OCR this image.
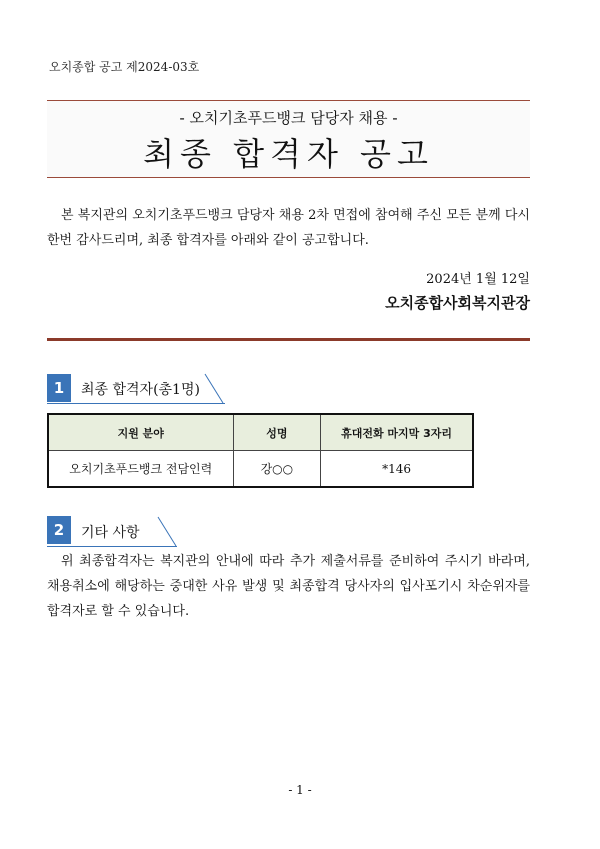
오치종합 공고 제2024-03호
- 오치기초푸드뱅크 담당자 채용 -
최종 합격자 공고
본 복지관의 오치기초푸드뱅크 담당자 채용 2차 면접에 참여해 주신 모든 분께 다시 한번 감사드리며, 최종 합격자를 아래와 같이 공고합니다.
2024년 1월 12일
오치종합사회복지관장
1	최종 합격자(총1명)
지원 분야	성명	휴대전화 마지막 3자리
오치기초푸드뱅크 전담인력	강○○	*146
2	기타 사항
위 최종합격자는 복지관의 안내에 따라 추가 제출서류를 준비하여 주시기 바라며, 채용취소에 해당하는 중대한 사유 발생 및 최종합격 당사자의 입사포기시 차순위자를 합격자로 할 수 있습니다.
- 1 -
